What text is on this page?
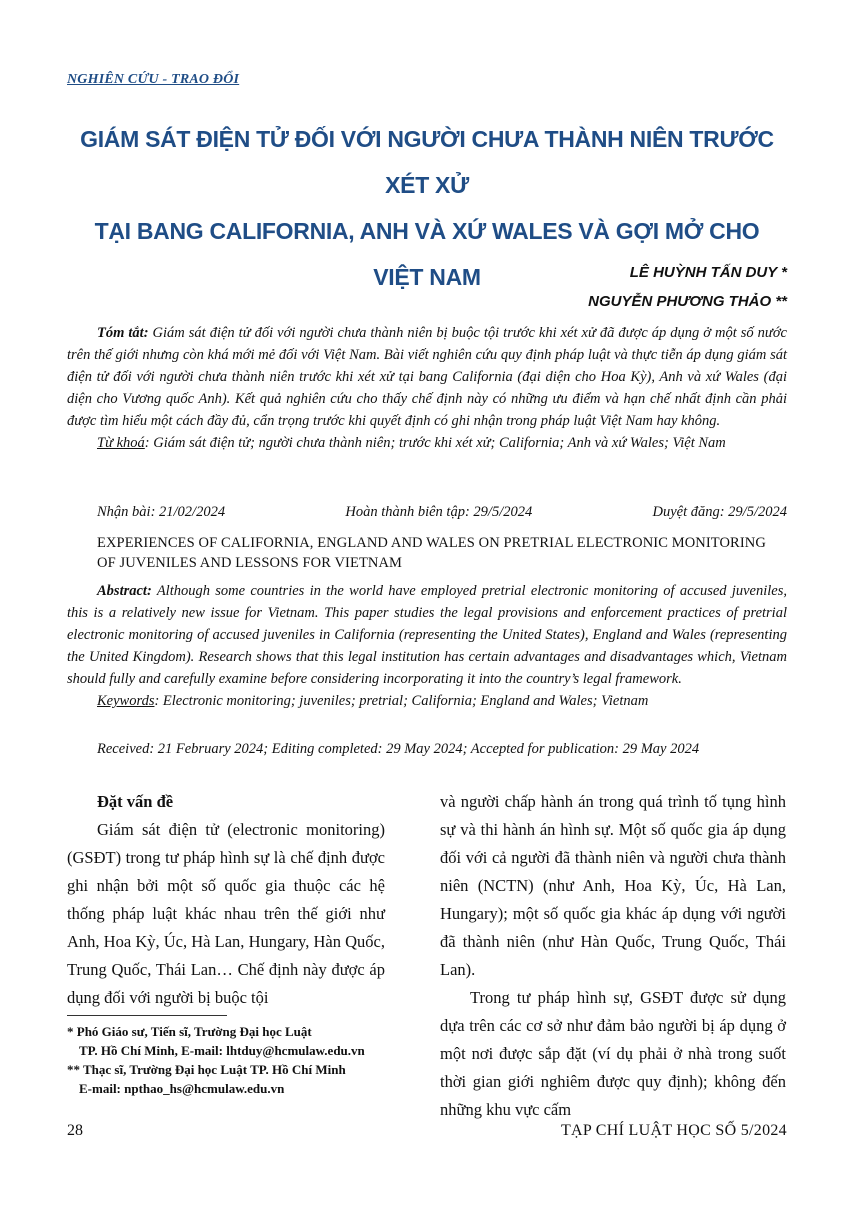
NGHIÊN CỨU - TRAO ĐỔI
GIÁM SÁT ĐIỆN TỬ ĐỐI VỚI NGƯỜI CHƯA THÀNH NIÊN TRƯỚC XÉT XỬ
TẠI BANG CALIFORNIA, ANH VÀ XỨ WALES VÀ GỢI MỞ CHO VIỆT NAM	LÊ HUỲNH TẤN DUY *
NGUYỄN PHƯƠNG THẢO **

Tóm tắt: Giám sát điện tử đối với người chưa thành niên bị buộc tội trước khi xét xử đã được áp dụng ở một số nước trên thế giới nhưng còn khá mới mẻ đối với Việt Nam. Bài viết nghiên cứu quy định pháp luật và thực tiễn áp dụng giám sát điện tử đối với người chưa thành niên trước khi xét xử tại bang California (đại diện cho Hoa Kỳ), Anh và xứ Wales (đại diện cho Vương quốc Anh). Kết quả nghiên cứu cho thấy chế định này có những ưu điểm và hạn chế nhất định cần phải được tìm hiểu một cách đầy đủ, cẩn trọng trước khi quyết định có ghi nhận trong pháp luật Việt Nam hay không.

Từ khoá: Giám sát điện tử; người chưa thành niên; trước khi xét xử; California; Anh và xứ Wales; Việt Nam

Nhận bài: 21/02/2024	Hoàn thành biên tập: 29/5/2024	Duyệt đăng: 29/5/2024
EXPERIENCES OF CALIFORNIA, ENGLAND AND WALES ON PRETRIAL ELECTRONIC MONITORING OF JUVENILES AND LESSONS FOR VIETNAM

Abstract: Although some countries in the world have employed pretrial electronic monitoring of accused juveniles, this is a relatively new issue for Vietnam. This paper studies the legal provisions and enforcement practices of pretrial electronic monitoring of accused juveniles in California (representing the United States), England and Wales (representing the United Kingdom). Research shows that this legal institution has certain advantages and disadvantages which, Vietnam should fully and carefully examine before considering incorporating it into the country’s legal framework.

Keywords: Electronic monitoring; juveniles; pretrial; California; England and Wales; Vietnam

Received: 21 February 2024; Editing completed: 29 May 2024; Accepted for publication: 29 May 2024

Đặt vấn đề

Giám sát điện tử (electronic monitoring) (GSĐT) trong tư pháp hình sự là chế định được ghi nhận bởi một số quốc gia thuộc các hệ thống pháp luật khác nhau trên thế giới như Anh, Hoa Kỳ, Úc, Hà Lan, Hungary, Hàn Quốc, Trung Quốc, Thái Lan… Chế định này được áp dụng đối với người bị buộc tội

và người chấp hành án trong quá trình tố tụng hình sự và thi hành án hình sự. Một số quốc gia áp dụng đối với cả người đã thành niên và người chưa thành niên (NCTN) (như Anh, Hoa Kỳ, Úc, Hà Lan, Hungary); một số quốc gia khác áp dụng với người đã thành niên (như Hàn Quốc, Trung Quốc, Thái Lan).

Trong tư pháp hình sự, GSĐT được sử dụng dựa trên các cơ sở như đảm bảo người bị áp dụng ở một nơi được sắp đặt (ví dụ phải ở nhà trong suốt thời gian giới nghiêm được quy định); không đến những khu vực cấm

* Phó Giáo sư, Tiến sĩ, Trường Đại học Luật

TP. Hồ Chí Minh, E-mail: lhtduy@hcmulaw.edu.vn

** Thạc sĩ, Trường Đại học Luật TP. Hồ Chí Minh

E-mail: npthao_hs@hcmulaw.edu.vn

28	TẠP CHÍ LUẬT HỌC SỐ 5/2024
